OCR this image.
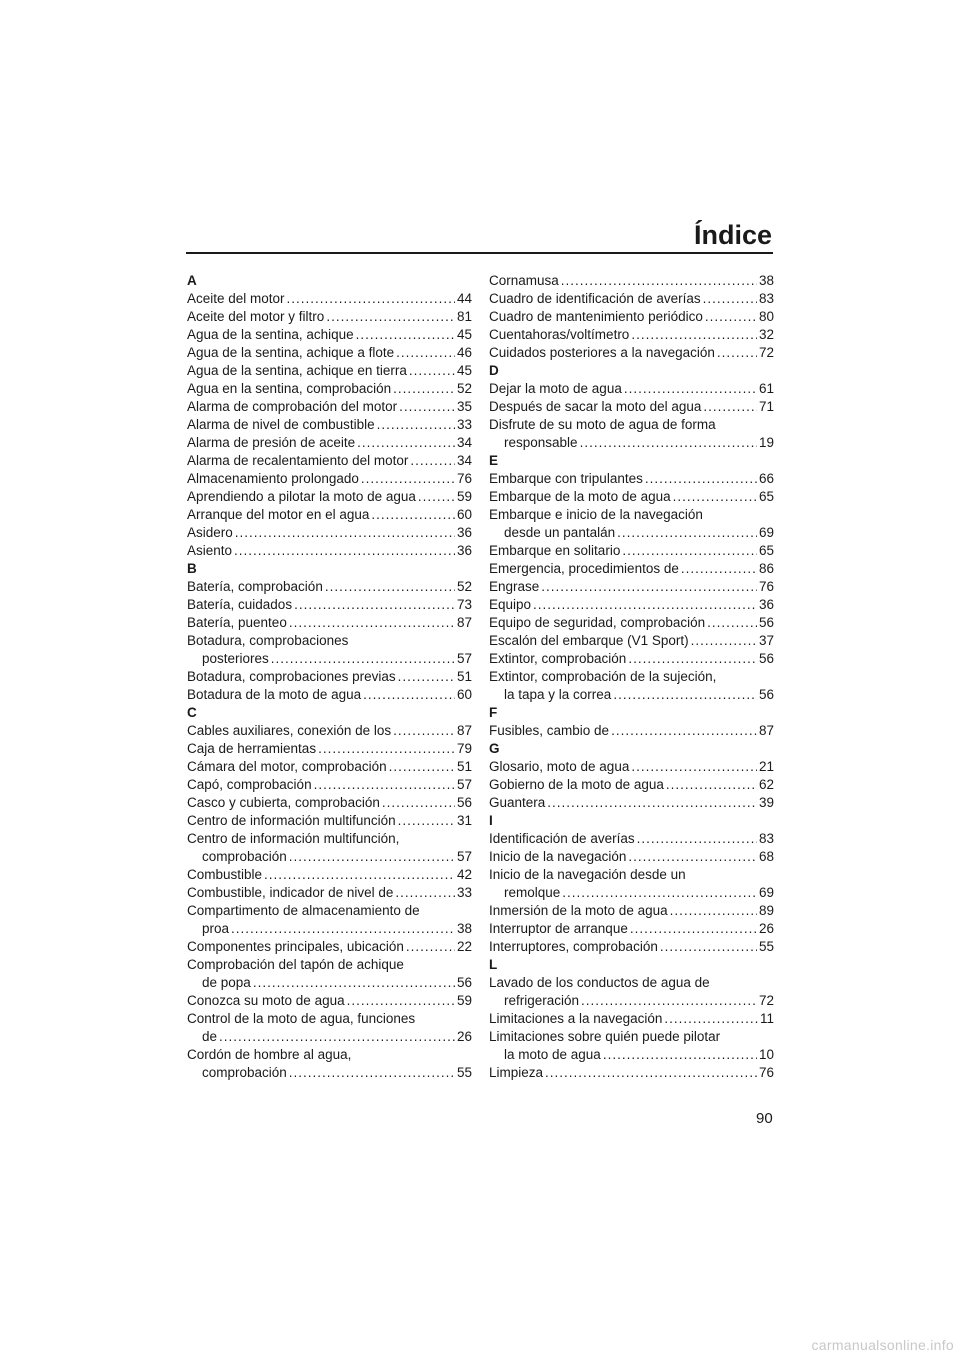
Índice
A
Aceite del motor .....	44
Aceite del motor y filtro .....	81
Agua de la sentina, achique .....	45
Agua de la sentina, achique a flote .....	46
Agua de la sentina, achique en tierra .....	45
Agua en la sentina, comprobación .....	52
Alarma de comprobación del motor .....	35
Alarma de nivel de combustible .....	33
Alarma de presión de aceite .....	34
Alarma de recalentamiento del motor .....	34
Almacenamiento prolongado .....	76
Aprendiendo a pilotar la moto de agua .....	59
Arranque del motor en el agua .....	60
Asidero .....	36
Asiento .....	36
B
Batería, comprobación .....	52
Batería, cuidados .....	73
Batería, puenteo .....	87
Botadura, comprobaciones
posteriores .....	57
Botadura, comprobaciones previas .....	51
Botadura de la moto de agua .....	60
C
Cables auxiliares, conexión de los .....	87
Caja de herramientas .....	79
Cámara del motor, comprobación .....	51
Capó, comprobación .....	57
Casco y cubierta, comprobación .....	56
Centro de información multifunción .....	31
Centro de información multifunción,
comprobación .....	57
Combustible .....	42
Combustible, indicador de nivel de .....	33
Compartimento de almacenamiento de
proa .....	38
Componentes principales, ubicación .....	22
Comprobación del tapón de achique
de popa .....	56
Conozca su moto de agua .....	59
Control de la moto de agua, funciones
de .....	26
Cordón de hombre al agua,
comprobación .....	55
Cornamusa .....	38
Cuadro de identificación de averías .....	83
Cuadro de mantenimiento periódico .....	80
Cuentahoras/voltímetro .....	32
Cuidados posteriores a la navegación .....	72
D
Dejar la moto de agua .....	61
Después de sacar la moto del agua .....	71
Disfrute de su moto de agua de forma
responsable .....	19
E
Embarque con tripulantes .....	66
Embarque de la moto de agua .....	65
Embarque e inicio de la navegación
desde un pantalán .....	69
Embarque en solitario .....	65
Emergencia, procedimientos de .....	86
Engrase .....	76
Equipo .....	36
Equipo de seguridad, comprobación .....	56
Escalón del embarque (V1 Sport) .....	37
Extintor, comprobación .....	56
Extintor, comprobación de la sujeción,
la tapa y la correa .....	56
F
Fusibles, cambio de .....	87
G
Glosario, moto de agua .....	21
Gobierno de la moto de agua .....	62
Guantera .....	39
I
Identificación de averías .....	83
Inicio de la navegación .....	68
Inicio de la navegación desde un
remolque .....	69
Inmersión de la moto de agua .....	89
Interruptor de arranque .....	26
Interruptores, comprobación .....	55
L
Lavado de los conductos de agua de
refrigeración .....	72
Limitaciones a la navegación .....	11
Limitaciones sobre quién puede pilotar
la moto de agua .....	10
Limpieza .....	76
90
carmanualsonline.info
